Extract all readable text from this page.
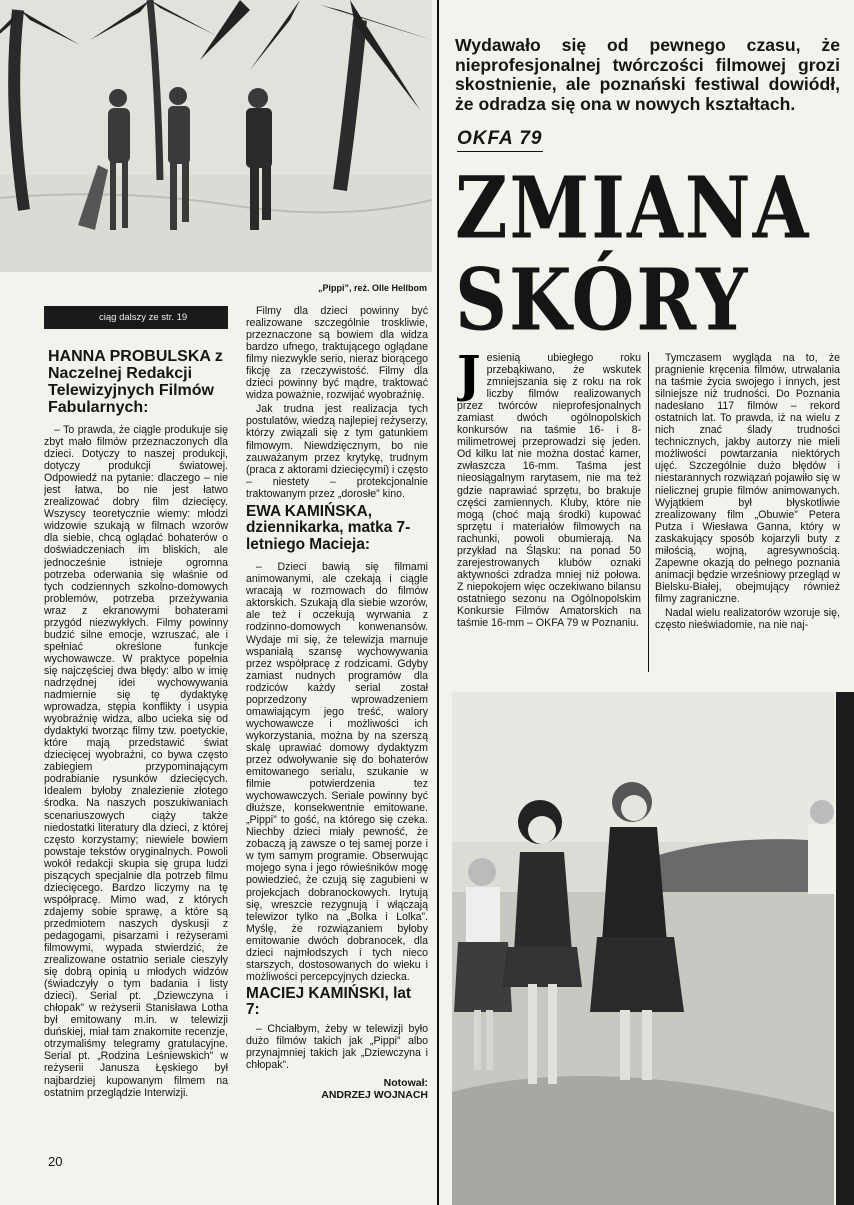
„Pippi”, reż. Olle Hellbom
ciąg dalszy ze str. 19
HANNA PROBULSKA z Naczelnej Redakcji Telewizyjnych Filmów Fabularnych:

– To prawda, że ciągle produkuje się zbyt mało filmów przeznaczonych dla dzieci. Dotyczy to naszej produkcji, dotyczy produkcji światowej. Odpowiedź na pytanie: dlaczego – nie jest łatwa, bo nie jest łatwo zrealizować dobry film dziecięcy. Wszyscy teoretycznie wiemy: młodzi widzowie szukają w filmach wzorów dla siebie, chcą oglądać bohaterów o doświadczeniach im bliskich, ale jednocześnie istnieje ogromna potrzeba oderwania się właśnie od tych codziennych szkolno-domowych problemów, potrzeba przeżywania wraz z ekranowymi bohaterami przygód niezwykłych. Filmy powinny budzić silne emocje, wzruszać, ale i spełniać określone funkcje wychowawcze. W praktyce popełnia się najczęściej dwa błędy: albo w imię nadrzędnej idei wychowywania nadmiernie się tę dydaktykę wprowadza, stępia konflikty i usypia wyobraźnię widza, albo ucieka się od dydaktyki tworząc filmy tzw. poetyckie, które mają przedstawić świat dziecięcej wyobraźni, co bywa często zabiegiem przypominającym podrabianie rysunków dziecięcych. Idealem byłoby znalezienie złotego środka. Na naszych poszukiwaniach scenariuszowych ciąży także niedostatki literatury dla dzieci, z której często korzystamy; niewiele bowiem powstaje tekstów oryginalnych. Powoli wokół redakcji skupia się grupa ludzi piszących specjalnie dla potrzeb filmu dziecięcego. Bardzo liczymy na tę współpracę. Mimo wad, z których zdajemy sobie sprawę, a które są przedmiotem naszych dyskusji z pedagogami, pisarzami i reżyserami filmowymi, wypada stwierdzić, że zrealizowane ostatnio seriale cieszyły się dobrą opinią u młodych widzów (świadczyły o tym badania i listy dzieci). Serial pt. „Dziewczyna i chłopak” w reżyserii Stanisława Lotha był emitowany m.in. w telewizji duńskiej, miał tam znakomite recenzje, otrzymaliśmy telegramy gratulacyjne. Serial pt. „Rodzina Leśniewskich” w reżyserii Janusza Łęskiego był najbardziej kupowanym filmem na ostatnim przeglądzie Interwizji.

Filmy dla dzieci powinny być realizowane szczególnie troskliwie, przeznaczone są bowiem dla widza bardzo ufnego, traktującego oglądane filmy niezwykle serio, nieraz biorącego fikcję za rzeczywistość. Filmy dla dzieci powinny być mądre, traktować widza poważnie, rozwijać wyobraźnię.

Jak trudna jest realizacja tych postulatów, wiedzą najlepiej reżyserzy, którzy związali się z tym gatunkiem filmowym. Niewdzięcznym, bo nie zauważanym przez krytykę, trudnym (praca z aktorami dziecięcymi) i często – niestety – protekcjonalnie traktowanym przez „dorosłe” kino.

EWA KAMIŃSKA, dziennikarka, matka 7-letniego Macieja:

– Dzieci bawią się filmami animowanymi, ale czekają i ciągle wracają w rozmowach do filmów aktorskich. Szukają dla siebie wzorów, ale też i oczekują wyrwania z rodzinno-domowych konwenansów. Wydaje mi się, że telewizja marnuje wspaniałą szansę wychowywania przez współpracę z rodzicami. Gdyby zamiast nudnych programów dla rodziców każdy serial został poprzedzony wprowadzeniem omawiającym jego treść, walory wychowawcze i możliwości ich wykorzystania, można by na szerszą skalę uprawiać domowy dydaktyzm przez odwoływanie się do bohaterów emitowanego serialu, szukanie w filmie potwierdzenia tez wychowawczych. Seriale powinny być dłuższe, konsekwentnie emitowane. „Pippi” to gość, na którego się czeka. Niechby dzieci miały pewność, że zobaczą ją zawsze o tej samej porze i w tym samym programie. Obserwując mojego syna i jego rówieśników mogę powiedzieć, że czują się zagubieni w projekcjach dobranockowych. Irytują się, wreszcie rezygnują i włączają telewizor tylko na „Bolka i Lolka”. Myślę, że rozwiązaniem byłoby emitowanie dwóch dobranocek, dla dzieci najmłodszych i tych nieco starszych, dostosowanych do wieku i możliwości percepcyjnych dziecka.

MACIEJ KAMIŃSKI, lat 7:

– Chciałbym, żeby w telewizji było dużo filmów takich jak „Pippi” albo przynajmniej takich jak „Dziewczyna i chłopak”.

Notował:
ANDRZEJ WOJNACH

Wydawało się od pewnego czasu, że nieprofesjonalnej twórczości filmowej grozi skostnienie, ale poznański festiwal dowiódł, że odradza się ona w nowych kształtach.

OKFA 79
ZMIANA
SKÓRY

Jesienią ubiegłego roku przebąkiwano, że wskutek zmniejszania się z roku na rok liczby filmów realizowanych przez twórców nieprofesjonalnych zamiast dwóch ogólnopolskich konkursów na taśmie 16- i 8-milimetrowej przeprowadzi się jeden. Od kilku lat nie można dostać kamer, zwłaszcza 16-mm. Taśma jest nieosiągalnym rarytasem, nie ma też gdzie naprawiać sprzętu, bo brakuje części zamiennych. Kluby, które nie mogą (choć mają środki) kupować sprzętu i materiałów filmowych na rachunki, powoli obumierają. Na przykład na Śląsku: na ponad 50 zarejestrowanych klubów oznaki aktywności zdradza mniej niż połowa. Z niepokojem więc oczekiwano bilansu ostatniego sezonu na Ogólnopolskim Konkursie Filmów Amatorskich na taśmie 16-mm – OKFA 79 w Poznaniu.

Tymczasem wygląda na to, że pragnienie kręcenia filmów, utrwalania na taśmie życia swojego i innych, jest silniejsze niż trudności. Do Poznania nadesłano 117 filmów – rekord ostatnich lat. To prawda, iż na wielu z nich znać ślady trudności technicznych, jakby autorzy nie mieli możliwości powtarzania niektórych ujęć. Szczególnie dużo błędów i niestarannych rozwiązań pojawiło się w nielicznej grupie filmów animowanych. Wyjątkiem był błyskotliwie zrealizowany film „Obuwie” Petera Putza i Wiesława Ganna, który w zaskakujący sposób kojarzyli buty z miłością, wojną, agresywnością. Zapewne okazją do pełnego poznania animacji będzie wrześniowy przegląd w Bielsku-Białej, obejmujący również filmy zagraniczne.

Nadal wielu realizatorów wzoruje się, często nieświadomie, na nie naj-

20
